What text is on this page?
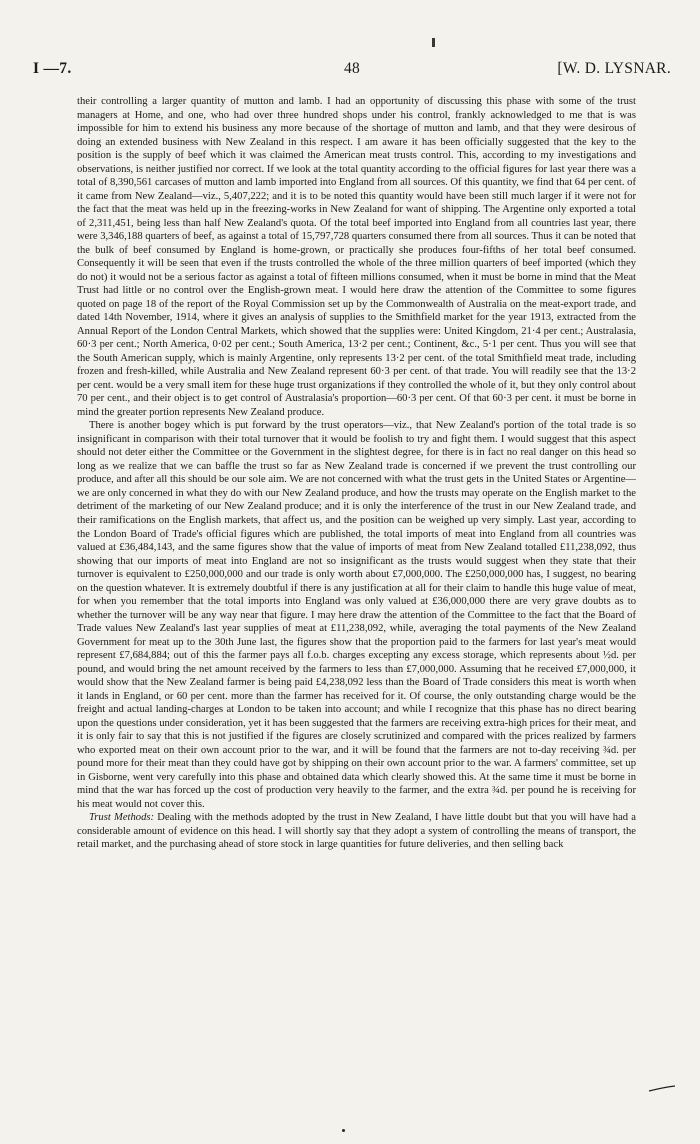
I —7.	48	[W. D. LYSNAR.

their controlling a larger quantity of mutton and lamb. I had an opportunity of discussing this phase with some of the trust managers at Home, and one, who had over three hundred shops under his control, frankly acknowledged to me that is was impossible for him to extend his business any more because of the shortage of mutton and lamb, and that they were desirous of doing an extended business with New Zealand in this respect. I am aware it has been officially suggested that the key to the position is the supply of beef which it was claimed the American meat trusts control. This, according to my investigations and observations, is neither justified nor correct. If we look at the total quantity according to the official figures for last year there was a total of 8,390,561 carcases of mutton and lamb imported into England from all sources. Of this quantity, we find that 64 per cent. of it came from New Zealand—viz., 5,407,222; and it is to be noted this quantity would have been still much larger if it were not for the fact that the meat was held up in the freezing-works in New Zealand for want of shipping. The Argentine only exported a total of 2,311,451, being less than half New Zealand's quota. Of the total beef imported into England from all countries last year, there were 3,346,188 quarters of beef, as against a total of 15,797,728 quarters consumed there from all sources. Thus it can be noted that the bulk of beef consumed by England is home-grown, or practically she produces four-fifths of her total beef consumed. Consequently it will be seen that even if the trusts controlled the whole of the three million quarters of beef imported (which they do not) it would not be a serious factor as against a total of fifteen millions consumed, when it must be borne in mind that the Meat Trust had little or no control over the English-grown meat. I would here draw the attention of the Committee to some figures quoted on page 18 of the report of the Royal Commission set up by the Commonwealth of Australia on the meat-export trade, and dated 14th November, 1914, where it gives an analysis of supplies to the Smithfield market for the year 1913, extracted from the Annual Report of the London Central Markets, which showed that the supplies were: United Kingdom, 21·4 per cent.; Australasia, 60·3 per cent.; North America, 0·02 per cent.; South America, 13·2 per cent.; Continent, &c., 5·1 per cent. Thus you will see that the South American supply, which is mainly Argentine, only represents 13·2 per cent. of the total Smithfield meat trade, including frozen and fresh-killed, while Australia and New Zealand represent 60·3 per cent. of that trade. You will readily see that the 13·2 per cent. would be a very small item for these huge trust organizations if they controlled the whole of it, but they only control about 70 per cent., and their object is to get control of Australasia's proportion—60·3 per cent. Of that 60·3 per cent. it must be borne in mind the greater portion represents New Zealand produce.

There is another bogey which is put forward by the trust operators—viz., that New Zealand's portion of the total trade is so insignificant in comparison with their total turnover that it would be foolish to try and fight them. I would suggest that this aspect should not deter either the Committee or the Government in the slightest degree, for there is in fact no real danger on this head so long as we realize that we can baffle the trust so far as New Zealand trade is concerned if we prevent the trust controlling our produce, and after all this should be our sole aim. We are not concerned with what the trust gets in the United States or Argentine—we are only concerned in what they do with our New Zealand produce, and how the trusts may operate on the English market to the detriment of the marketing of our New Zealand produce; and it is only the interference of the trust in our New Zealand trade, and their ramifications on the English markets, that affect us, and the position can be weighed up very simply. Last year, according to the London Board of Trade's official figures which are published, the total imports of meat into England from all countries was valued at £36,484,143, and the same figures show that the value of imports of meat from New Zealand totalled £11,238,092, thus showing that our imports of meat into England are not so insignificant as the trusts would suggest when they state that their turnover is equivalent to £250,000,000 and our trade is only worth about £7,000,000. The £250,000,000 has, I suggest, no bearing on the question whatever. It is extremely doubtful if there is any justification at all for their claim to handle this huge value of meat, for when you remember that the total imports into England was only valued at £36,000,000 there are very grave doubts as to whether the turnover will be any way near that figure. I may here draw the attention of the Committee to the fact that the Board of Trade values New Zealand's last year supplies of meat at £11,238,092, while, averaging the total payments of the New Zealand Government for meat up to the 30th June last, the figures show that the proportion paid to the farmers for last year's meat would represent £7,684,884; out of this the farmer pays all f.o.b. charges excepting any excess storage, which represents about ½d. per pound, and would bring the net amount received by the farmers to less than £7,000,000. Assuming that he received £7,000,000, it would show that the New Zealand farmer is being paid £4,238,092 less than the Board of Trade considers this meat is worth when it lands in England, or 60 per cent. more than the farmer has received for it. Of course, the only outstanding charge would be the freight and actual landing-charges at London to be taken into account; and while I recognize that this phase has no direct bearing upon the questions under consideration, yet it has been suggested that the farmers are receiving extra-high prices for their meat, and it is only fair to say that this is not justified if the figures are closely scrutinized and compared with the prices realized by farmers who exported meat on their own account prior to the war, and it will be found that the farmers are not to-day receiving ¾d. per pound more for their meat than they could have got by shipping on their own account prior to the war. A farmers' committee, set up in Gisborne, went very carefully into this phase and obtained data which clearly showed this. At the same time it must be borne in mind that the war has forced up the cost of production very heavily to the farmer, and the extra ¾d. per pound he is receiving for his meat would not cover this.

Trust Methods: Dealing with the methods adopted by the trust in New Zealand, I have little doubt but that you will have had a considerable amount of evidence on this head. I will shortly say that they adopt a system of controlling the means of transport, the retail market, and the purchasing ahead of store stock in large quantities for future deliveries, and then selling back
